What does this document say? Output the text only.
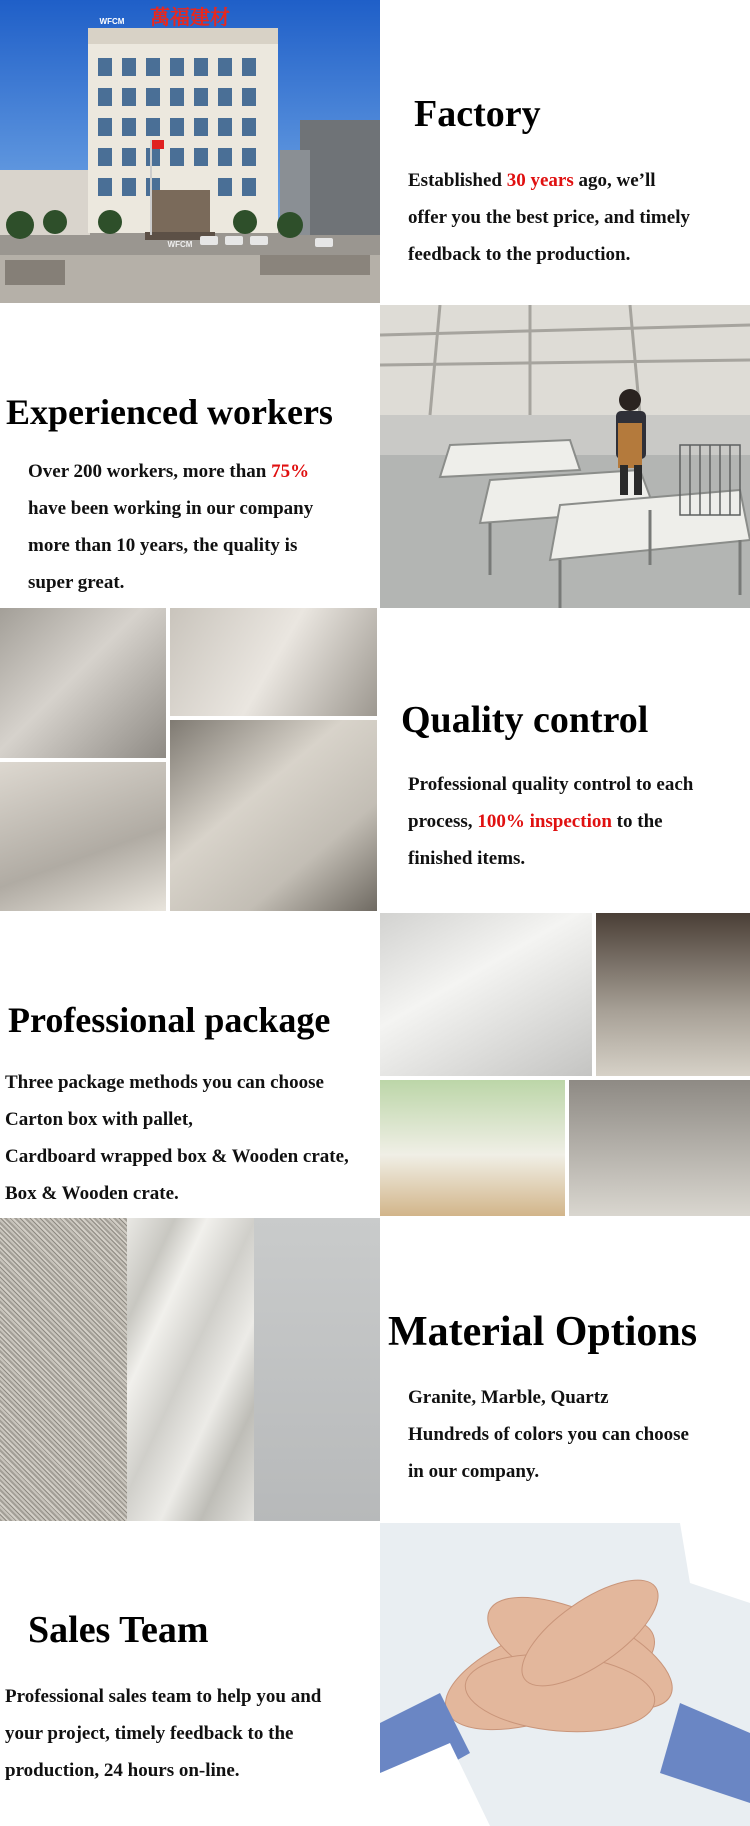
WFCM
萬福建材
WFCM
Factory

Established 30 years ago, we’ll

offer you the best price, and timely

feedback to the production.

Experienced workers

Over 200 workers, more than 75%

have been working in our company

more than 10 years, the quality is

super great.

Quality control

Professional quality control to each

process, 100% inspection to the

finished items.

Professional package

Three package methods you can choose

Carton box with pallet,

Cardboard wrapped box & Wooden crate,

Box & Wooden crate.

Material Options

Granite, Marble, Quartz

Hundreds of colors you can choose

in our company.

Sales Team

Professional sales team to help you and

your project, timely feedback to the

production, 24 hours on-line.
